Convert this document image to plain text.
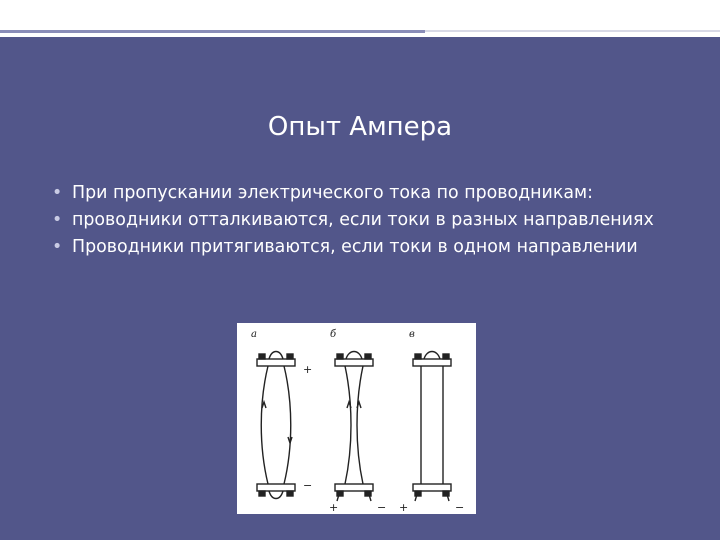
Опыт Ампера
• При пропускании электрического тока по проводникам:
• проводники отталкиваются, если токи в разных направлениях
• Проводники притягиваются, если токи в одном направлении
а	б	в
+
−
+	− +	−
